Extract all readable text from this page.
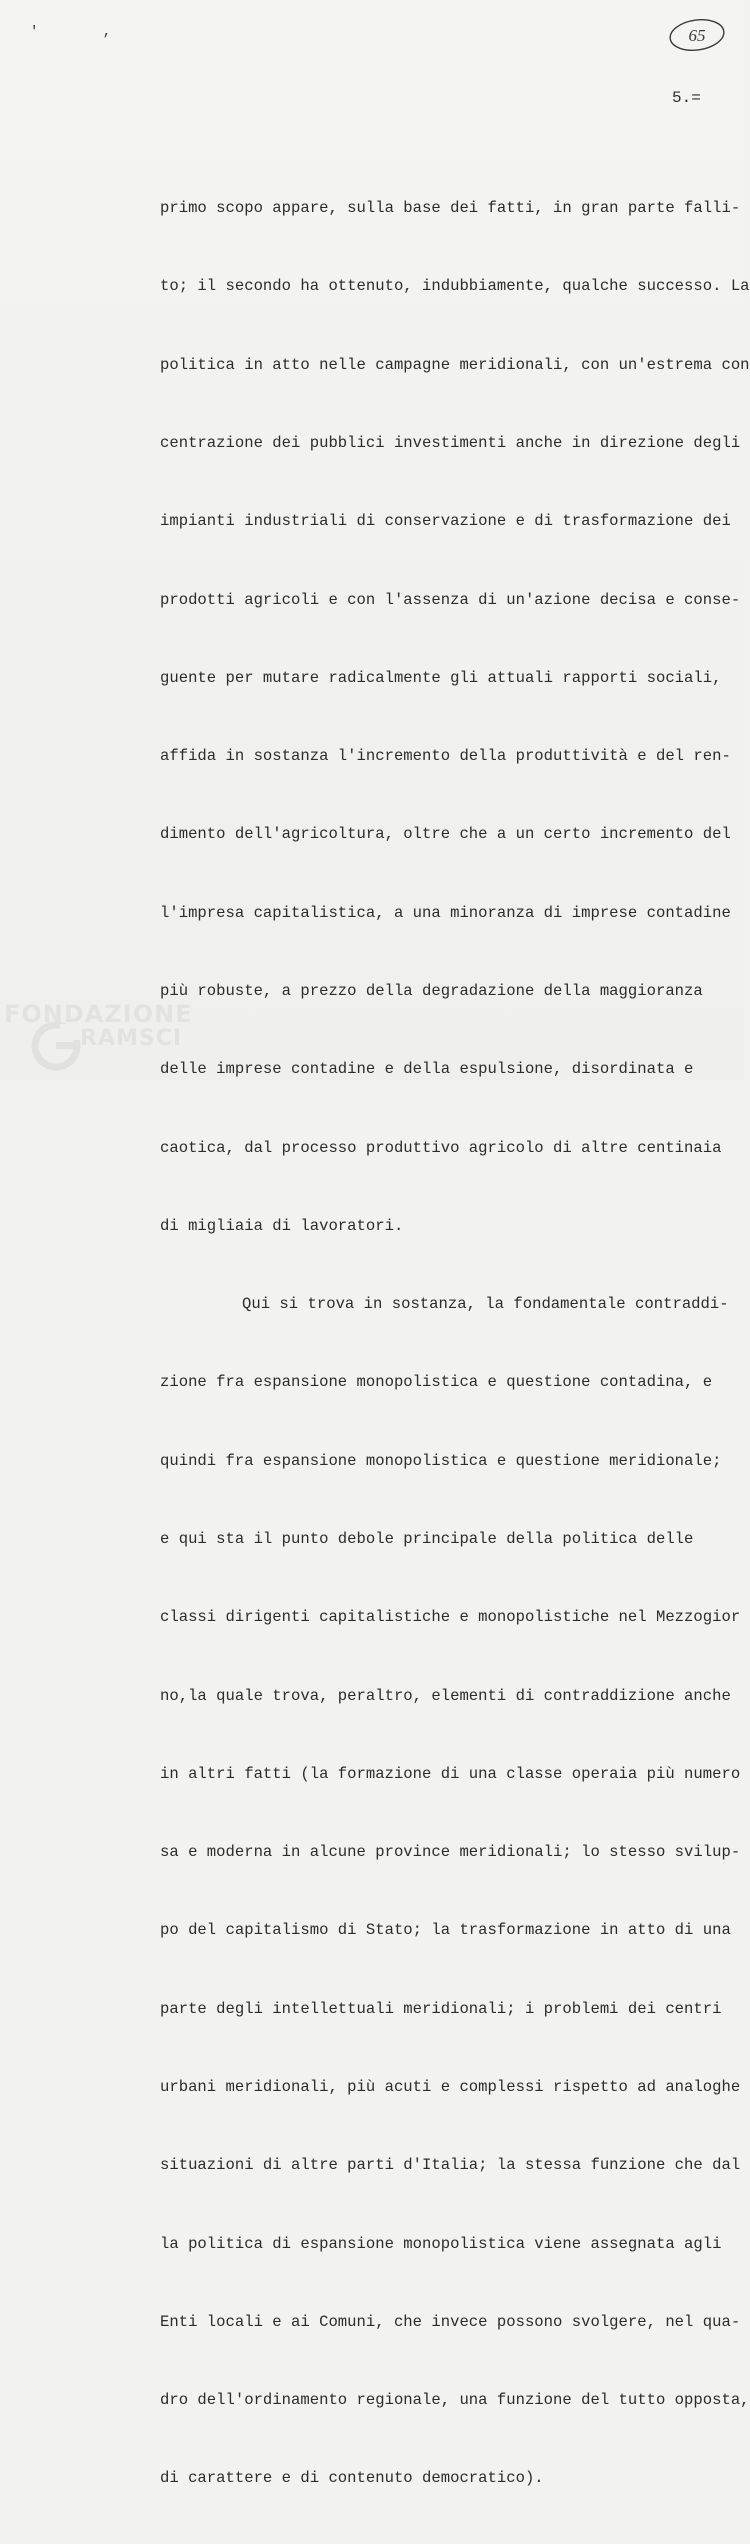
' ,	65
5.=

primo scopo appare, sulla base dei fatti, in gran parte falli-

to; il secondo ha ottenuto, indubbiamente, qualche successo. La

politica in atto nelle campagne meridionali, con un'estrema con

centrazione dei pubblici investimenti anche in direzione degli

impianti industriali di conservazione e di trasformazione dei

prodotti agricoli e con l'assenza di un'azione decisa e conse-

guente per mutare radicalmente gli attuali rapporti sociali,

affida in sostanza l'incremento della produttività e del ren-

dimento dell'agricoltura, oltre che a un certo incremento del

l'impresa capitalistica, a una minoranza di imprese contadine

più robuste, a prezzo della degradazione della maggioranza

delle imprese contadine e della espulsione, disordinata e

caotica, dal processo produttivo agricolo di altre centinaia

di migliaia di lavoratori.

Qui si trova in sostanza, la fondamentale contraddi-

zione fra espansione monopolistica e questione contadina, e

quindi fra espansione monopolistica e questione meridionale;

e qui sta il punto debole principale della politica delle

classi dirigenti capitalistiche e monopolistiche nel Mezzogior

no,la quale trova, peraltro, elementi di contraddizione anche

in altri fatti (la formazione di una classe operaia più numero

sa e moderna in alcune province meridionali; lo stesso svilup-

po del capitalismo di Stato; la trasformazione in atto di una

parte degli intellettuali meridionali; i problemi dei centri

urbani meridionali, più acuti e complessi rispetto ad analoghe

situazioni di altre parti d'Italia; la stessa funzione che dal

la politica di espansione monopolistica viene assegnata agli

Enti locali e ai Comuni, che invece possono svolgere, nel qua-

dro dell'ordinamento regionale, una funzione del tutto opposta,

di carattere e di contenuto democratico).

FONDAZIONE
RAMSCI
